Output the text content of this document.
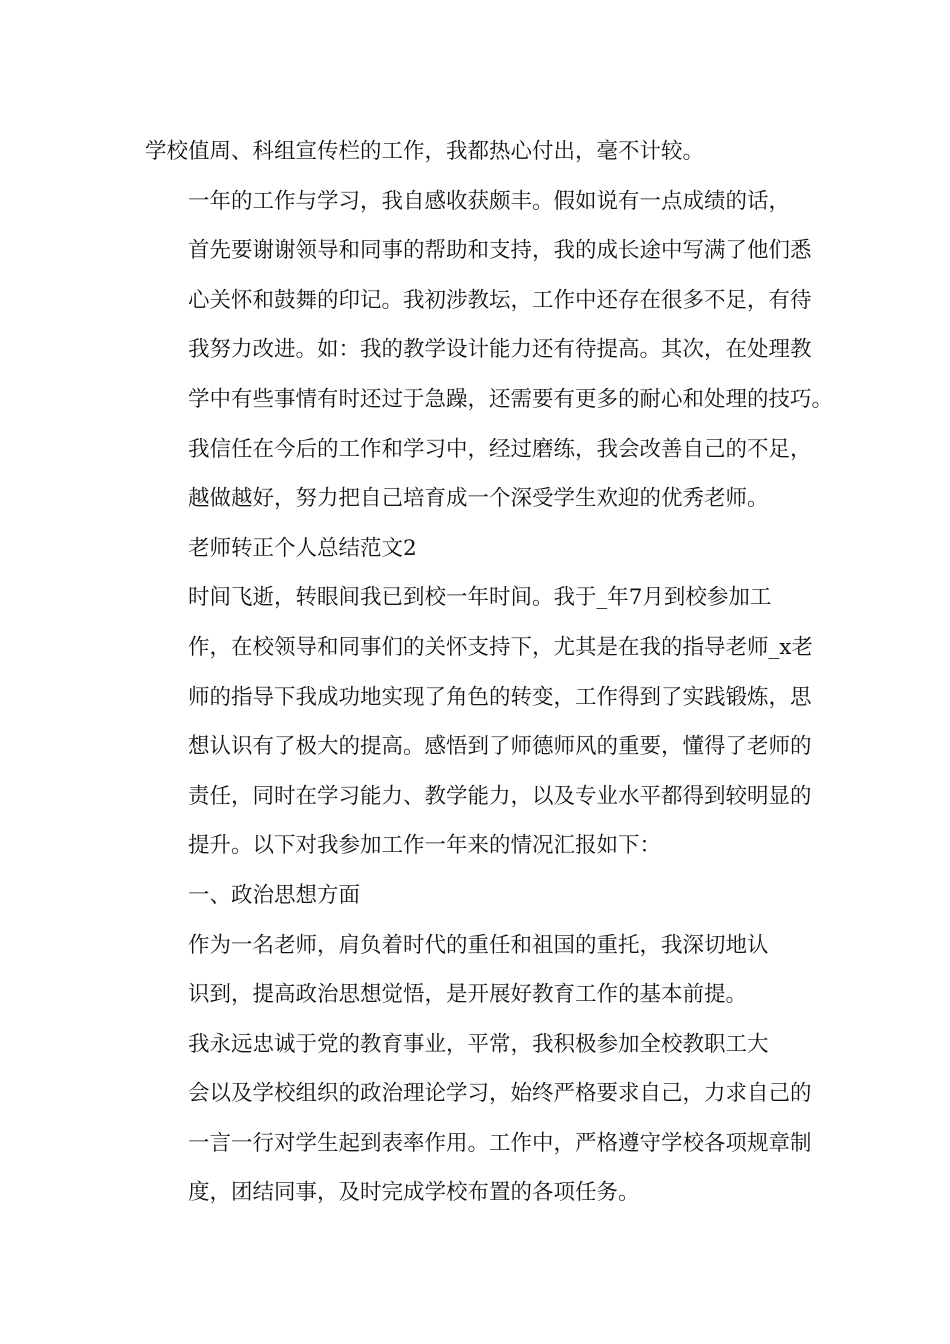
学校值周、科组宣传栏的工作，我都热心付出，毫不计较。

一年的工作与学习，我自感收获颇丰。假如说有一点成绩的话，
首先要谢谢领导和同事的帮助和支持，我的成长途中写满了他们悉
心关怀和鼓舞的印记。我初涉教坛，工作中还存在很多不足，有待
我努力改进。如：我的教学设计能力还有待提高。其次，在处理教
学中有些事情有时还过于急躁，还需要有更多的耐心和处理的技巧。
我信任在今后的工作和学习中，经过磨练，我会改善自己的不足，
越做越好，努力把自己培育成一个深受学生欢迎的优秀老师。

老师转正个人总结范文2

时间飞逝，转眼间我已到校一年时间。我于_年7月到校参加工
作，在校领导和同事们的关怀支持下，尤其是在我的指导老师_x老
师的指导下我成功地实现了角色的转变，工作得到了实践锻炼，思
想认识有了极大的提高。感悟到了师德师风的重要，懂得了老师的
责任，同时在学习能力、教学能力，以及专业水平都得到较明显的
提升。以下对我参加工作一年来的情况汇报如下：

一、政治思想方面

作为一名老师，肩负着时代的重任和祖国的重托，我深切地认
识到，提高政治思想觉悟，是开展好教育工作的基本前提。

我永远忠诚于党的教育事业，平常，我积极参加全校教职工大
会以及学校组织的政治理论学习，始终严格要求自己，力求自己的
一言一行对学生起到表率作用。工作中，严格遵守学校各项规章制
度，团结同事，及时完成学校布置的各项任务。
